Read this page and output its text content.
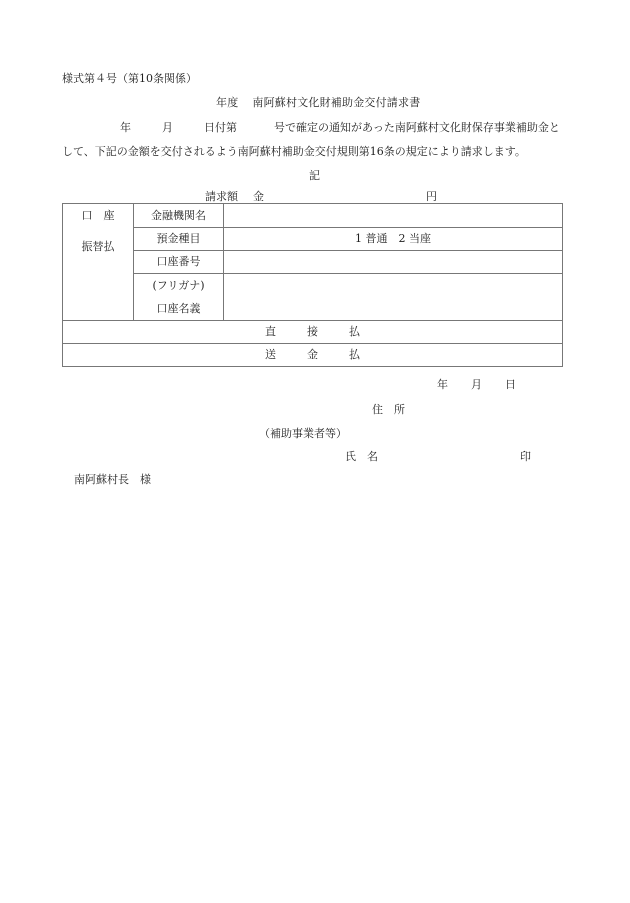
様式第４号（第10条関係）
年度 南阿蘇村文化財補助金交付請求書
年	月	日付第	号で確定の通知があった南阿蘇村文化財保存事業補助金と
して、下記の金額を交付されるよう南阿蘇村補助金交付規則第16条の規定により請求します。
記
請求額 金	円
口　座	金融機関名	

振替払	預金種目	1 普通　2 当座
	口座番号	

	(フリガナ)
口座名義	

直 接 払		
送 金 払		
年 月 日
住　所
（補助事業者等）
氏　名	印
南阿蘇村長　様
